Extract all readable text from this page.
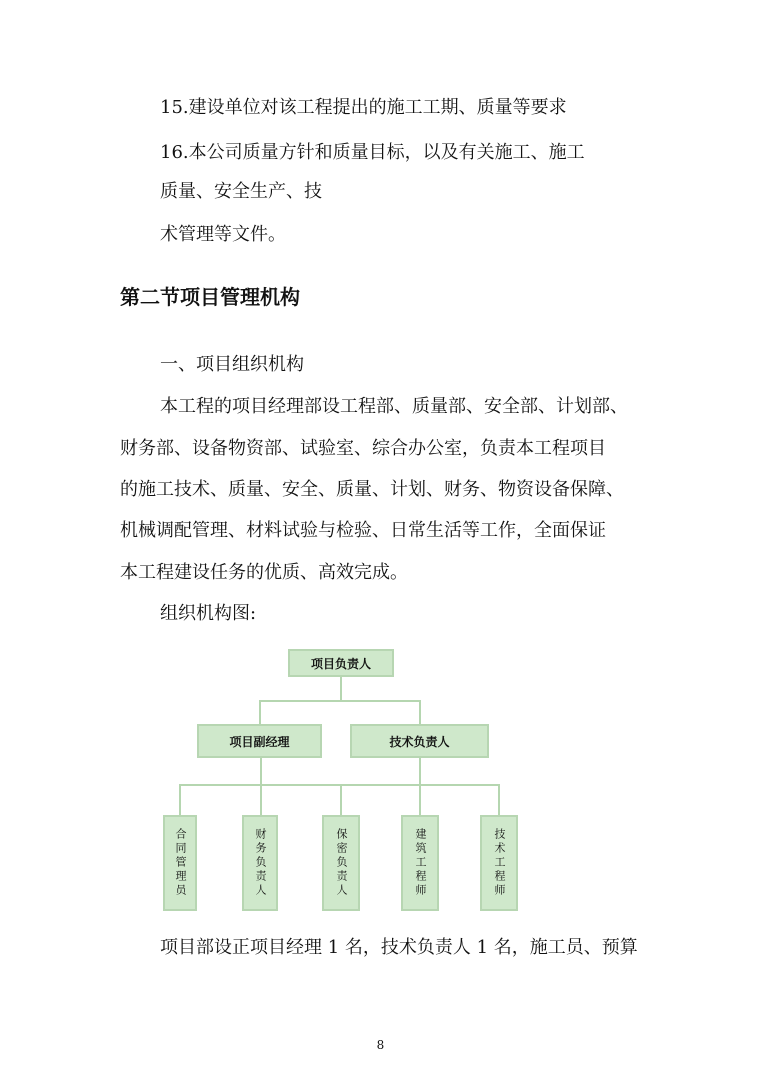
15.建设单位对该工程提出的施工工期、质量等要求
16.本公司质量方针和质量目标，以及有关施工、施工
质量、安全生产、技
术管理等文件。
第二节项目管理机构
一、项目组织机构
本工程的项目经理部设工程部、质量部、安全部、计划部、
财务部、设备物资部、试验室、综合办公室，负责本工程项目
的施工技术、质量、安全、质量、计划、财务、物资设备保障、
机械调配管理、材料试验与检验、日常生活等工作，全面保证
本工程建设任务的优质、高效完成。
组织机构图:
项目负责人
项目副经理	技术负责人
合同管理员	财务负责人	保密负责人	建筑工程师	技术工程师
项目部设正项目经理 1 名，技术负责人 1 名，施工员、预算
8
